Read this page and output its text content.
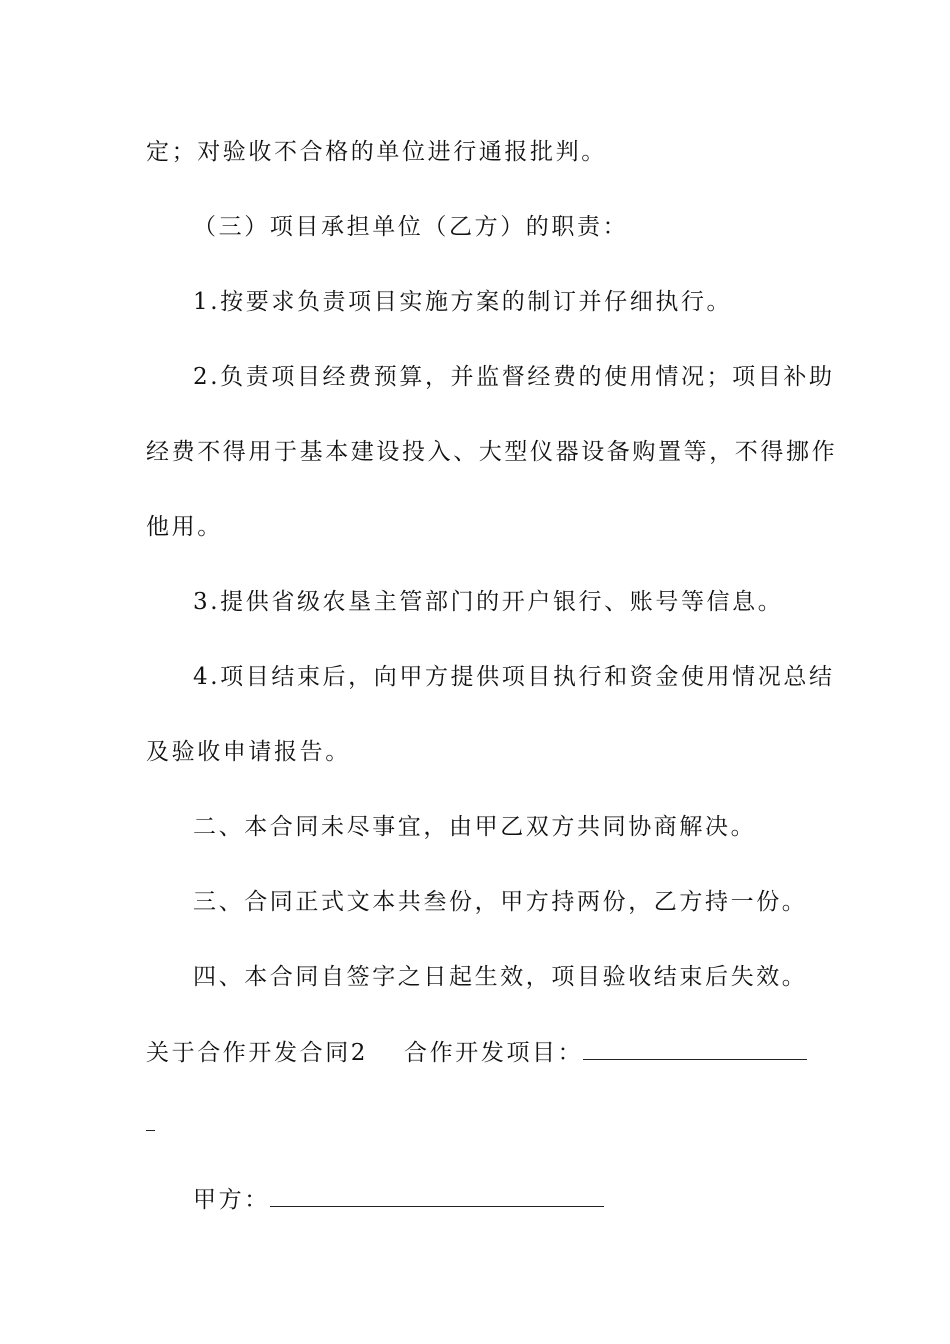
定；对验收不合格的单位进行通报批判。
（三）项目承担单位（乙方）的职责：
1.按要求负责项目实施方案的制订并仔细执行。
2.负责项目经费预算，并监督经费的使用情况；项目补助
经费不得用于基本建设投入、大型仪器设备购置等，不得挪作
他用。
3.提供省级农垦主管部门的开户银行、账号等信息。
4.项目结束后，向甲方提供项目执行和资金使用情况总结
及验收申请报告。
二、本合同未尽事宜，由甲乙双方共同协商解决。
三、合同正式文本共叁份，甲方持两份，乙方持一份。
四、本合同自签字之日起生效，项目验收结束后失效。
关于合作开发合同2 合作开发项目：
甲方：
